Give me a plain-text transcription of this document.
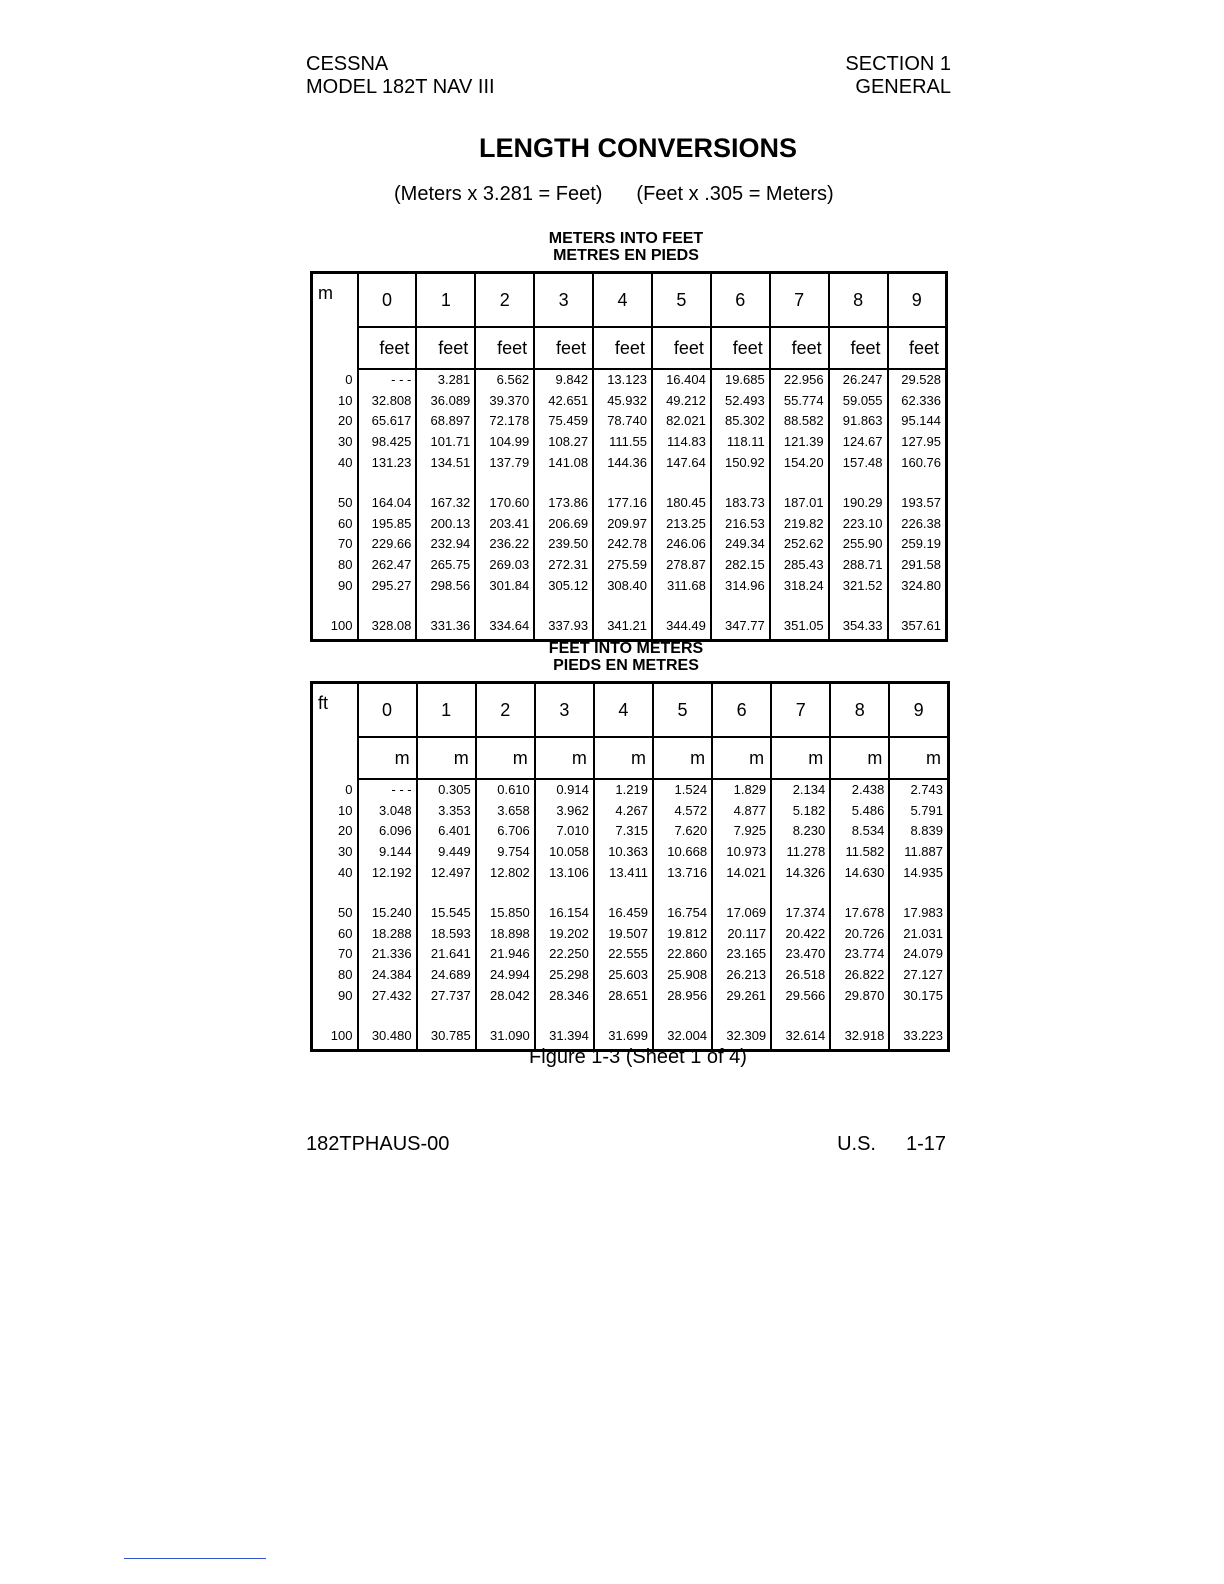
CESSNA
MODEL 182T NAV III
SECTION 1
GENERAL
LENGTH CONVERSIONS
(Meters x 3.281 = Feet) (Feet x .305 = Meters)
METERS INTO FEET
METRES EN PIEDS
m	0	1	2	3	4	5	6	7	8	9
	feet	feet	feet	feet	feet	feet	feet	feet	feet	feet
0	- - -	3.281	6.562	9.842	13.123	16.404	19.685	22.956	26.247	29.528
10	32.808	36.089	39.370	42.651	45.932	49.212	52.493	55.774	59.055	62.336
20	65.617	68.897	72.178	75.459	78.740	82.021	85.302	88.582	91.863	95.144
30	98.425	101.71	104.99	108.27	111.55	114.83	118.11	121.39	124.67	127.95
40	131.23	134.51	137.79	141.08	144.36	147.64	150.92	154.20	157.48	160.76

50	164.04	167.32	170.60	173.86	177.16	180.45	183.73	187.01	190.29	193.57
60	195.85	200.13	203.41	206.69	209.97	213.25	216.53	219.82	223.10	226.38
70	229.66	232.94	236.22	239.50	242.78	246.06	249.34	252.62	255.90	259.19
80	262.47	265.75	269.03	272.31	275.59	278.87	282.15	285.43	288.71	291.58
90	295.27	298.56	301.84	305.12	308.40	311.68	314.96	318.24	321.52	324.80

100	328.08	331.36	334.64	337.93	341.21	344.49	347.77	351.05	354.33	357.61
FEET INTO METERS
PIEDS EN METRES
ft	0	1	2	3	4	5	6	7	8	9
	m	m	m	m	m	m	m	m	m	m
0	- - -	0.305	0.610	0.914	1.219	1.524	1.829	2.134	2.438	2.743
10	3.048	3.353	3.658	3.962	4.267	4.572	4.877	5.182	5.486	5.791
20	6.096	6.401	6.706	7.010	7.315	7.620	7.925	8.230	8.534	8.839
30	9.144	9.449	9.754	10.058	10.363	10.668	10.973	11.278	11.582	11.887
40	12.192	12.497	12.802	13.106	13.411	13.716	14.021	14.326	14.630	14.935

50	15.240	15.545	15.850	16.154	16.459	16.754	17.069	17.374	17.678	17.983
60	18.288	18.593	18.898	19.202	19.507	19.812	20.117	20.422	20.726	21.031
70	21.336	21.641	21.946	22.250	22.555	22.860	23.165	23.470	23.774	24.079
80	24.384	24.689	24.994	25.298	25.603	25.908	26.213	26.518	26.822	27.127
90	27.432	27.737	28.042	28.346	28.651	28.956	29.261	29.566	29.870	30.175

100	30.480	30.785	31.090	31.394	31.699	32.004	32.309	32.614	32.918	33.223
Figure 1-3 (Sheet 1 of 4)
182TPHAUS-00	U.S. 1-17
